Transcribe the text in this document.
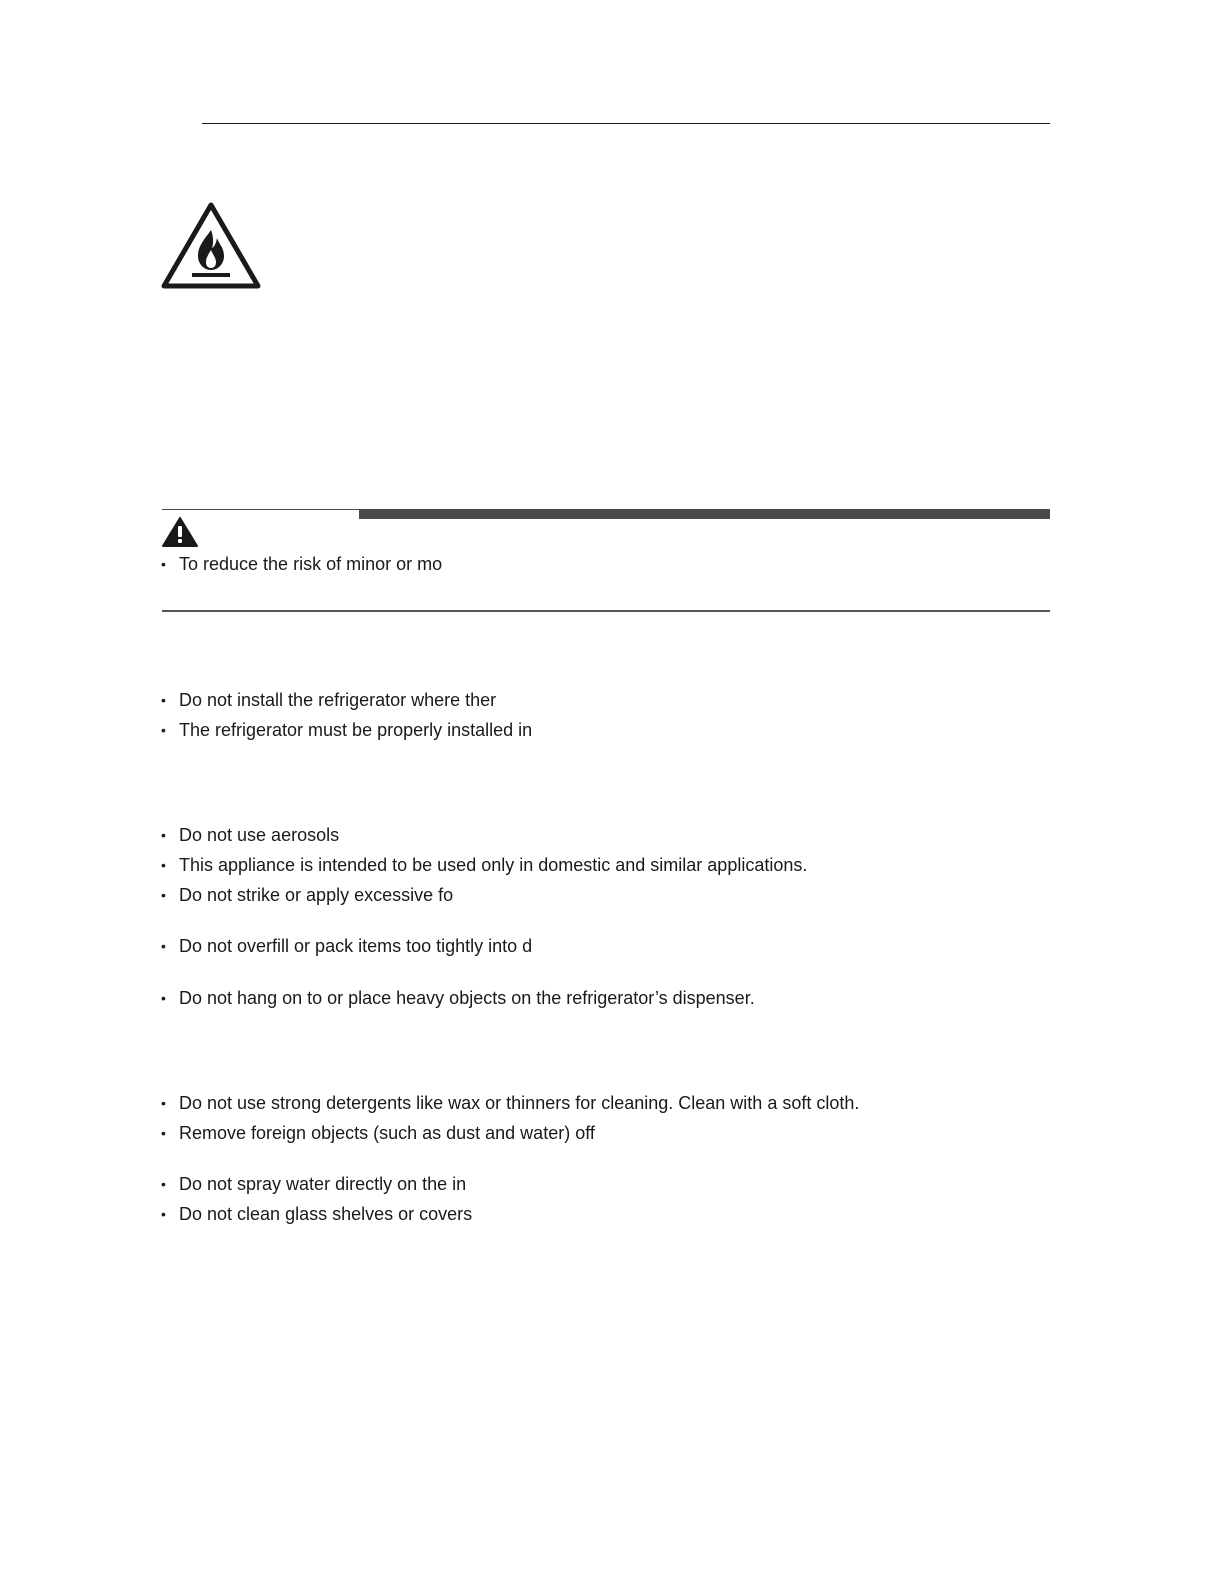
• To reduce the risk of minor or mo
• Do not install the refrigerator where ther
• The refrigerator must be properly installed in
• Do not use aerosols
• This appliance is intended to be used only in domestic and similar applications.
• Do not strike or apply excessive fo
• Do not overfill or pack items too tightly into d
• Do not hang on to or place heavy objects on the refrigerator’s dispenser.
• Do not use strong detergents like wax or thinners for cleaning. Clean with a soft cloth.
• Remove foreign objects (such as dust and water) off
• Do not spray water directly on the in
• Do not clean glass shelves or covers
